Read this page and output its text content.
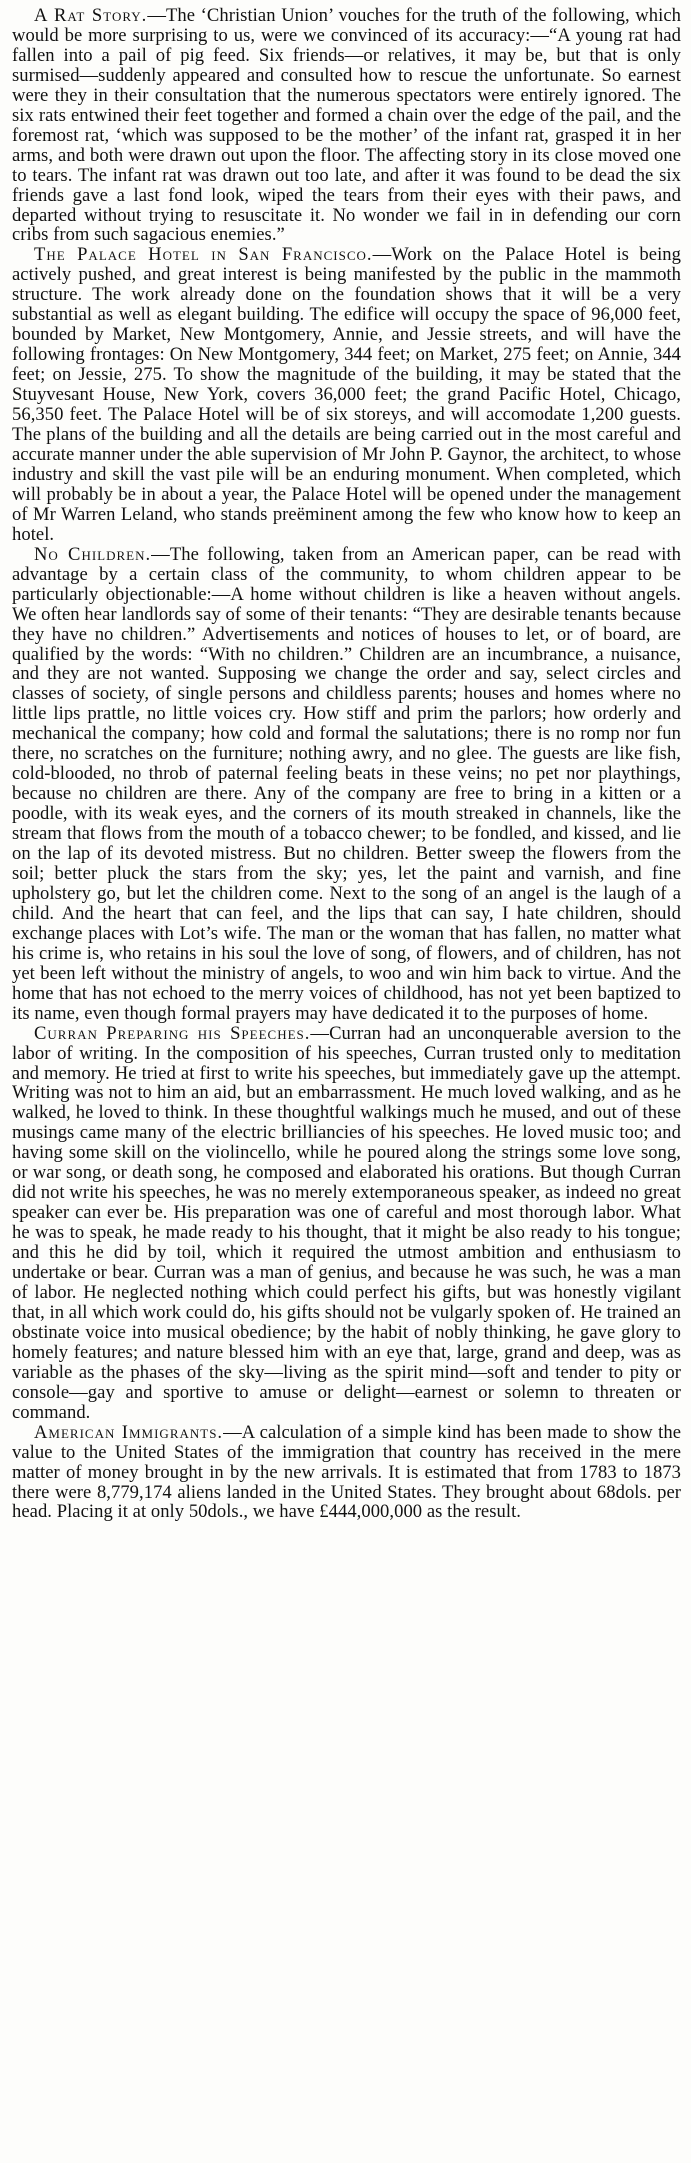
A Rat Story.—The ‘Christian Union’ vouches for the truth of the following, which would be more surprising to us, were we convinced of its accuracy:—“A young rat had fallen into a pail of pig feed. Six friends—or relatives, it may be, but that is only surmised—suddenly appeared and consulted how to rescue the unfortunate. So earnest were they in their consultation that the numerous spectators were entirely ignored. The six rats entwined their feet together and formed a chain over the edge of the pail, and the foremost rat, ‘which was supposed to be the mother’ of the infant rat, grasped it in her arms, and both were drawn out upon the floor. The affecting story in its close moved one to tears. The infant rat was drawn out too late, and after it was found to be dead the six friends gave a last fond look, wiped the tears from their eyes with their paws, and departed without trying to resuscitate it. No wonder we fail in in defending our corn cribs from such sagacious enemies.”

The Palace Hotel in San Francisco.—Work on the Palace Hotel is being actively pushed, and great interest is being manifested by the public in the mammoth structure. The work already done on the foundation shows that it will be a very substantial as well as elegant building. The edifice will occupy the space of 96,000 feet, bounded by Market, New Montgomery, Annie, and Jessie streets, and will have the following frontages: On New Montgomery, 344 feet; on Market, 275 feet; on Annie, 344 feet; on Jessie, 275. To show the magnitude of the building, it may be stated that the Stuyvesant House, New York, covers 36,000 feet; the grand Pacific Hotel, Chicago, 56,350 feet. The Palace Hotel will be of six storeys, and will accomodate 1,200 guests. The plans of the building and all the details are being carried out in the most careful and accurate manner under the able supervision of Mr John P. Gaynor, the architect, to whose industry and skill the vast pile will be an enduring monument. When completed, which will probably be in about a year, the Palace Hotel will be opened under the management of Mr Warren Leland, who stands preëminent among the few who know how to keep an hotel.

No Children.—The following, taken from an American paper, can be read with advantage by a certain class of the community, to whom children appear to be particularly objectionable:—A home without children is like a heaven without angels. We often hear landlords say of some of their tenants: “They are desirable tenants because they have no children.” Advertisements and notices of houses to let, or of board, are qualified by the words: “With no children.” Children are an incumbrance, a nuisance, and they are not wanted. Supposing we change the order and say, select circles and classes of society, of single persons and childless parents; houses and homes where no little lips prattle, no little voices cry. How stiff and prim the parlors; how orderly and mechanical the company; how cold and formal the salutations; there is no romp nor fun there, no scratches on the furniture; nothing awry, and no glee. The guests are like fish, cold-blooded, no throb of paternal feeling beats in these veins; no pet nor playthings, because no children are there. Any of the company are free to bring in a kitten or a poodle, with its weak eyes, and the corners of its mouth streaked in channels, like the stream that flows from the mouth of a tobacco chewer; to be fondled, and kissed, and lie on the lap of its devoted mistress. But no children. Better sweep the flowers from the soil; better pluck the stars from the sky; yes, let the paint and varnish, and fine upholstery go, but let the children come. Next to the song of an angel is the laugh of a child. And the heart that can feel, and the lips that can say, I hate children, should exchange places with Lot’s wife. The man or the woman that has fallen, no matter what his crime is, who retains in his soul the love of song, of flowers, and of children, has not yet been left without the ministry of angels, to woo and win him back to virtue. And the home that has not echoed to the merry voices of childhood, has not yet been baptized to its name, even though formal prayers may have dedicated it to the purposes of home.

Curran Preparing his Speeches.—Curran had an unconquerable aversion to the labor of writing. In the composition of his speeches, Curran trusted only to meditation and memory. He tried at first to write his speeches, but immediately gave up the attempt. Writing was not to him an aid, but an embarrassment. He much loved walking, and as he walked, he loved to think. In these thoughtful walkings much he mused, and out of these musings came many of the electric brilliancies of his speeches. He loved music too; and having some skill on the violincello, while he poured along the strings some love song, or war song, or death song, he composed and elaborated his orations. But though Curran did not write his speeches, he was no merely extemporaneous speaker, as indeed no great speaker can ever be. His preparation was one of careful and most thorough labor. What he was to speak, he made ready to his thought, that it might be also ready to his tongue; and this he did by toil, which it required the utmost ambition and enthusiasm to undertake or bear. Curran was a man of genius, and because he was such, he was a man of labor. He neglected nothing which could perfect his gifts, but was honestly vigilant that, in all which work could do, his gifts should not be vulgarly spoken of. He trained an obstinate voice into musical obedience; by the habit of nobly thinking, he gave glory to homely features; and nature blessed him with an eye that, large, grand and deep, was as variable as the phases of the sky—living as the spirit mind—soft and tender to pity or console—gay and sportive to amuse or delight—earnest or solemn to threaten or command.

American Immigrants.—A calculation of a simple kind has been made to show the value to the United States of the immigration that country has received in the mere matter of money brought in by the new arrivals. It is estimated that from 1783 to 1873 there were 8,779,174 aliens landed in the United States. They brought about 68dols. per head. Placing it at only 50dols., we have £444,000,000 as the result.
